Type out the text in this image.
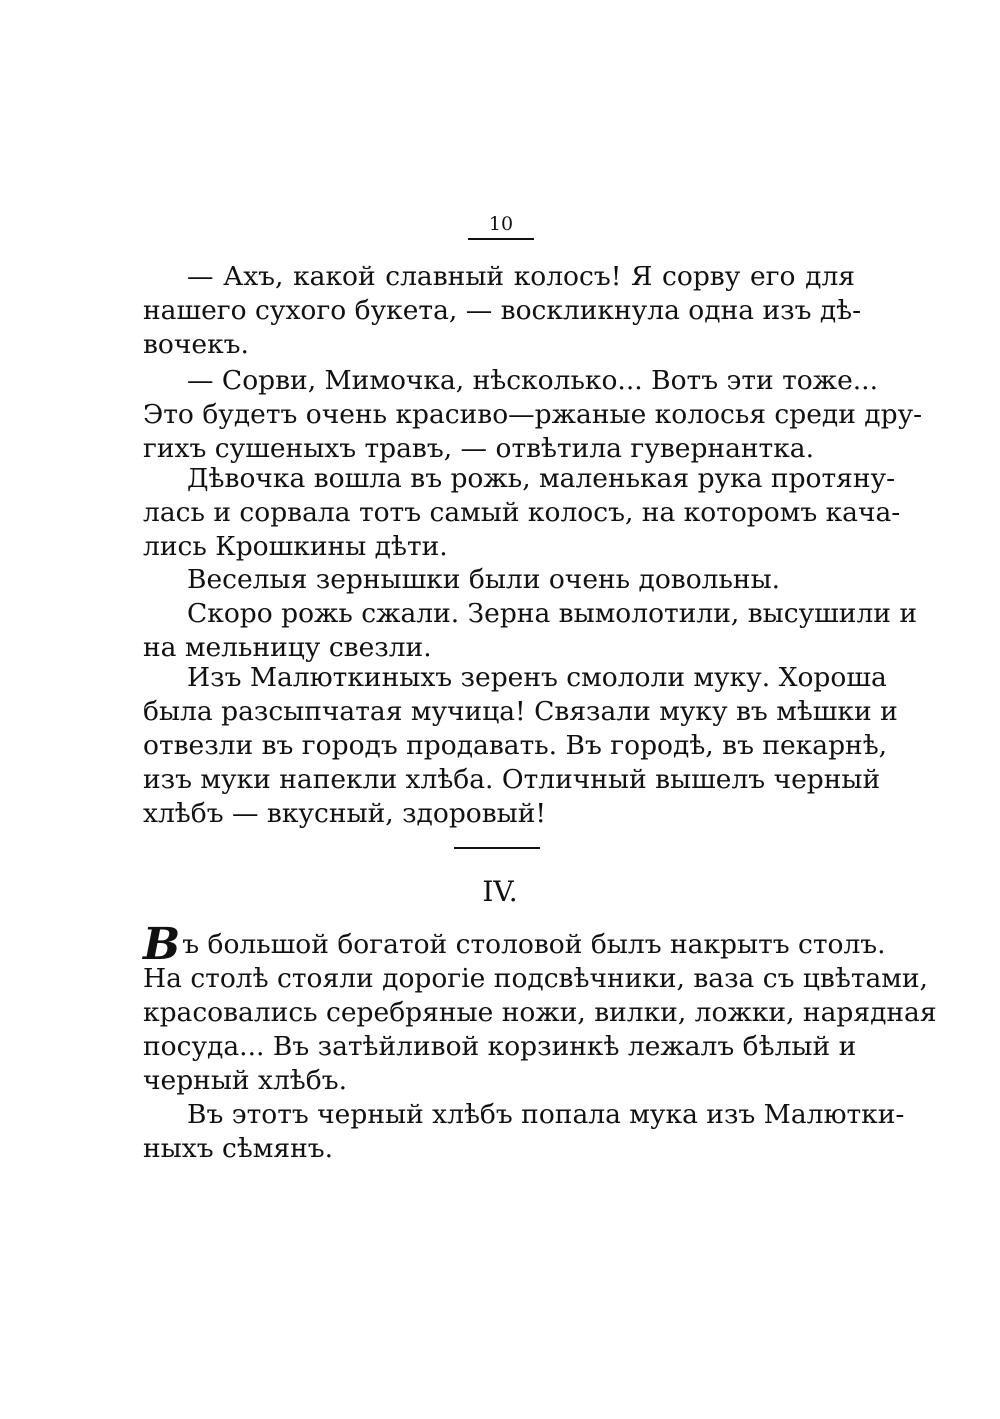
10

— Ахъ, какой славный колосъ! Я сорву его для
нашего сухого букета, — воскликнула одна изъ дѣ-
вочекъ.

— Сорви, Мимочка, нѣсколько... Вотъ эти тоже...
Это будетъ очень красиво—ржаные колосья среди дру-
гихъ сушеныхъ травъ, — отвѣтила гувернантка.

Дѣвочка вошла въ рожь, маленькая рука протяну-
лась и сорвала тотъ самый колосъ, на которомъ кача-
лись Крошкины дѣти.

Веселыя зернышки были очень довольны.

Скоро рожь сжали. Зерна вымолотили, высушили и
на мельницу свезли.

Изъ Малюткиныхъ зеренъ смололи муку. Хороша
была разсыпчатая мучица! Связали муку въ мѣшки и
отвезли въ городъ продавать. Въ городѣ, въ пекарнѣ,
изъ муки напекли хлѣба. Отличный вышелъ черный
хлѣбъ — вкусный, здоровый!

IV.

Въ большой богатой столовой былъ накрытъ столъ.
На столѣ стояли дорогіе подсвѣчники, ваза съ цвѣтами,
красовались серебряные ножи, вилки, ложки, нарядная
посуда... Въ затѣйливой корзинкѣ лежалъ бѣлый и
черный хлѣбъ.

Въ этотъ черный хлѣбъ попала мука изъ Малютки-
ныхъ сѣмянъ.
